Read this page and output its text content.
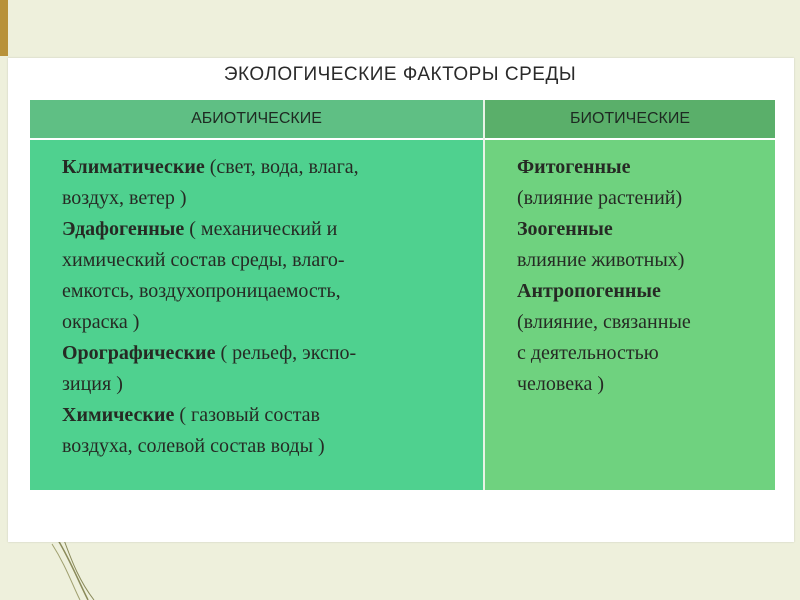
ЭКОЛОГИЧЕСКИЕ ФАКТОРЫ СРЕДЫ
АБИОТИЧЕСКИЕ	БИОТИЧЕСКИЕ
Климатические (свет, вода, влага,
воздух, ветер )
Эдафогенные ( механический и
химический состав среды, влаго-
емкотсь, воздухопроницаемость,
окраска )
Орографические ( рельеф, экспо-
зиция )
Химические ( газовый состав
воздуха, солевой состав воды )
Фитогенные
(влияние растений)
Зоогенные
влияние животных)
Антропогенные
(влияние, связанные
с деятельностью
человека )
